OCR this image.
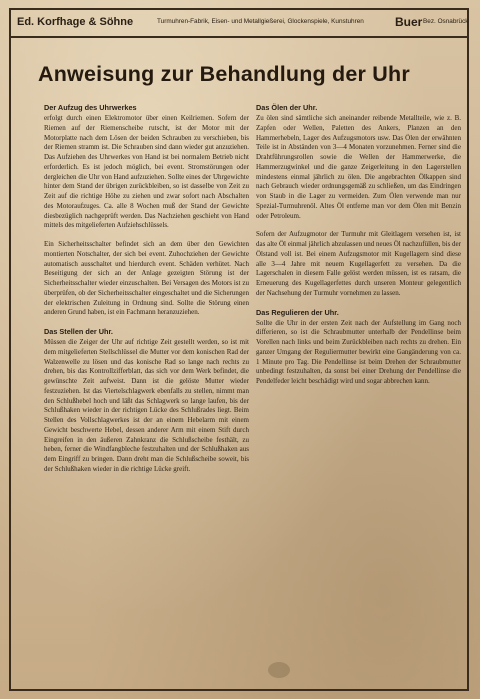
Ed. Korfhage & Söhne	Turmuhren-Fabrik, Eisen- und Metallgießerei, Glockenspiele, Kunstuhren	Buer Bez. Osnabrück
Anweisung zur Behandlung der Uhr
Der Aufzug des Uhrwerkes

erfolgt durch einen Elektromotor über einen Keilriemen. Sofern der Riemen auf der Riemenscheibe rutscht, ist der Motor mit der Motorplatte nach dem Lösen der beiden Schrauben zu verschieben, bis der Riemen stramm ist. Die Schrauben sind dann wieder gut anzuziehen. Das Aufziehen des Uhrwerkes von Hand ist bei normalem Betrieb nicht erforderlich. Es ist jedoch möglich, bei event. Stromstörungen oder dergleichen die Uhr von Hand aufzuziehen. Sollte eines der Uhrgewichte hinter dem Stand der übrigen zurückbleiben, so ist dasselbe von Zeit zu Zeit auf die richtige Höhe zu ziehen und zwar sofort nach Abschalten des Motoraufzuges. Ca. alle 8 Wochen muß der Stand der Gewichte diesbezüglich nachgeprüft werden. Das Nachziehen geschieht von Hand mittels des mitgelieferten Aufziehschlüssels.

Ein Sicherheitsschalter befindet sich an dem über den Gewichten montierten Notschalter, der sich bei event. Zuhochziehen der Gewichte automatisch ausschaltet und hierdurch event. Schäden verhütet. Nach Beseitigung der sich an der Anlage gezeigten Störung ist der Sicherheitsschalter wieder einzuschalten. Bei Versagen des Motors ist zu überprüfen, ob der Sicherheitsschalter eingeschaltet und die Sicherungen der elektrischen Zuleitung in Ordnung sind. Sollte die Störung einen anderen Grund haben, ist ein Fachmann heranzuziehen.

Das Stellen der Uhr.

Müssen die Zeiger der Uhr auf richtige Zeit gestellt werden, so ist mit dem mitgelieferten Stellschlüssel die Mutter vor dem konischen Rad der Walzenwelle zu lösen und das konische Rad so lange nach rechts zu drehen, bis das Kontrollzifferblatt, das sich vor dem Werk befindet, die gewünschte Zeit aufweist. Dann ist die gelöste Mutter wieder festzuziehen. Ist das Viertelschlagwerk ebenfalls zu stellen, nimmt man den Schlußhebel hoch und läßt das Schlagwerk so lange laufen, bis der Schlußhaken wieder in der richtigen Lücke des Schlußrades liegt. Beim Stellen des Vollschlagwerkes ist der an einem Hebelarm mit einem Gewicht beschwerte Hebel, dessen anderer Arm mit einem Stift durch Eingreifen in den äußeren Zahnkranz die Schlußscheibe festhält, zu heben, ferner die Windfangbleche festzuhalten und der Schlußhaken aus dem Eingriff zu bringen. Dann dreht man die Schlußscheibe soweit, bis der Schlußhaken wieder in die richtige Lücke greift.

Das Ölen der Uhr.

Zu ölen sind sämtliche sich aneinander reibende Metallteile, wie z. B. Zapfen oder Wellen, Paletten des Ankers, Planzen an den Hammerhebeln, Lager des Aufzugsmotors usw. Das Ölen der erwähnten Teile ist in Abständen von 3—4 Monaten vorzunehmen. Ferner sind die Drahtführungsrollen sowie die Wellen der Hammerwerke, die Hammerzugwinkel und die ganze Zeigerleitung in den Lagerstellen mindestens einmal jährlich zu ölen. Die angebrachten Ölkappen sind nach Gebrauch wieder ordnungsgemäß zu schließen, um das Eindringen von Staub in die Lager zu vermeiden. Zum Ölen verwende man nur Spezial-Turmuhrenöl. Altes Öl entferne man vor dem Ölen mit Benzin oder Petroleum.

Sofern der Aufzugmotor der Turmuhr mit Gleitlagern versehen ist, ist das alte Öl einmal jährlich abzulassen und neues Öl nachzufüllen, bis der Ölstand voll ist. Bei einem Aufzugsmotor mit Kugellagern sind diese alle 3—4 Jahre mit neuem Kugellagerfett zu versehen. Da die Lagerschalen in diesem Falle gelöst werden müssen, ist es ratsam, die Erneuerung des Kugellagerfettes durch unseren Monteur gelegentlich der Nachsehung der Turmuhr vornehmen zu lassen.

Das Regulieren der Uhr.

Sollte die Uhr in der ersten Zeit nach der Aufstellung im Gang noch differieren, so ist die Schraubmutter unterhalb der Pendellinse beim Vorellen nach links und beim Zurückbleiben nach rechts zu drehen. Ein ganzer Umgang der Reguliermutter bewirkt eine Gangänderung von ca. 1 Minute pro Tag. Die Pendellinse ist beim Drehen der Schraubmutter unbedingt festzuhalten, da sonst bei einer Drehung der Pendellinse die Pendelfeder leicht beschädigt wird und sogar abbrechen kann.
